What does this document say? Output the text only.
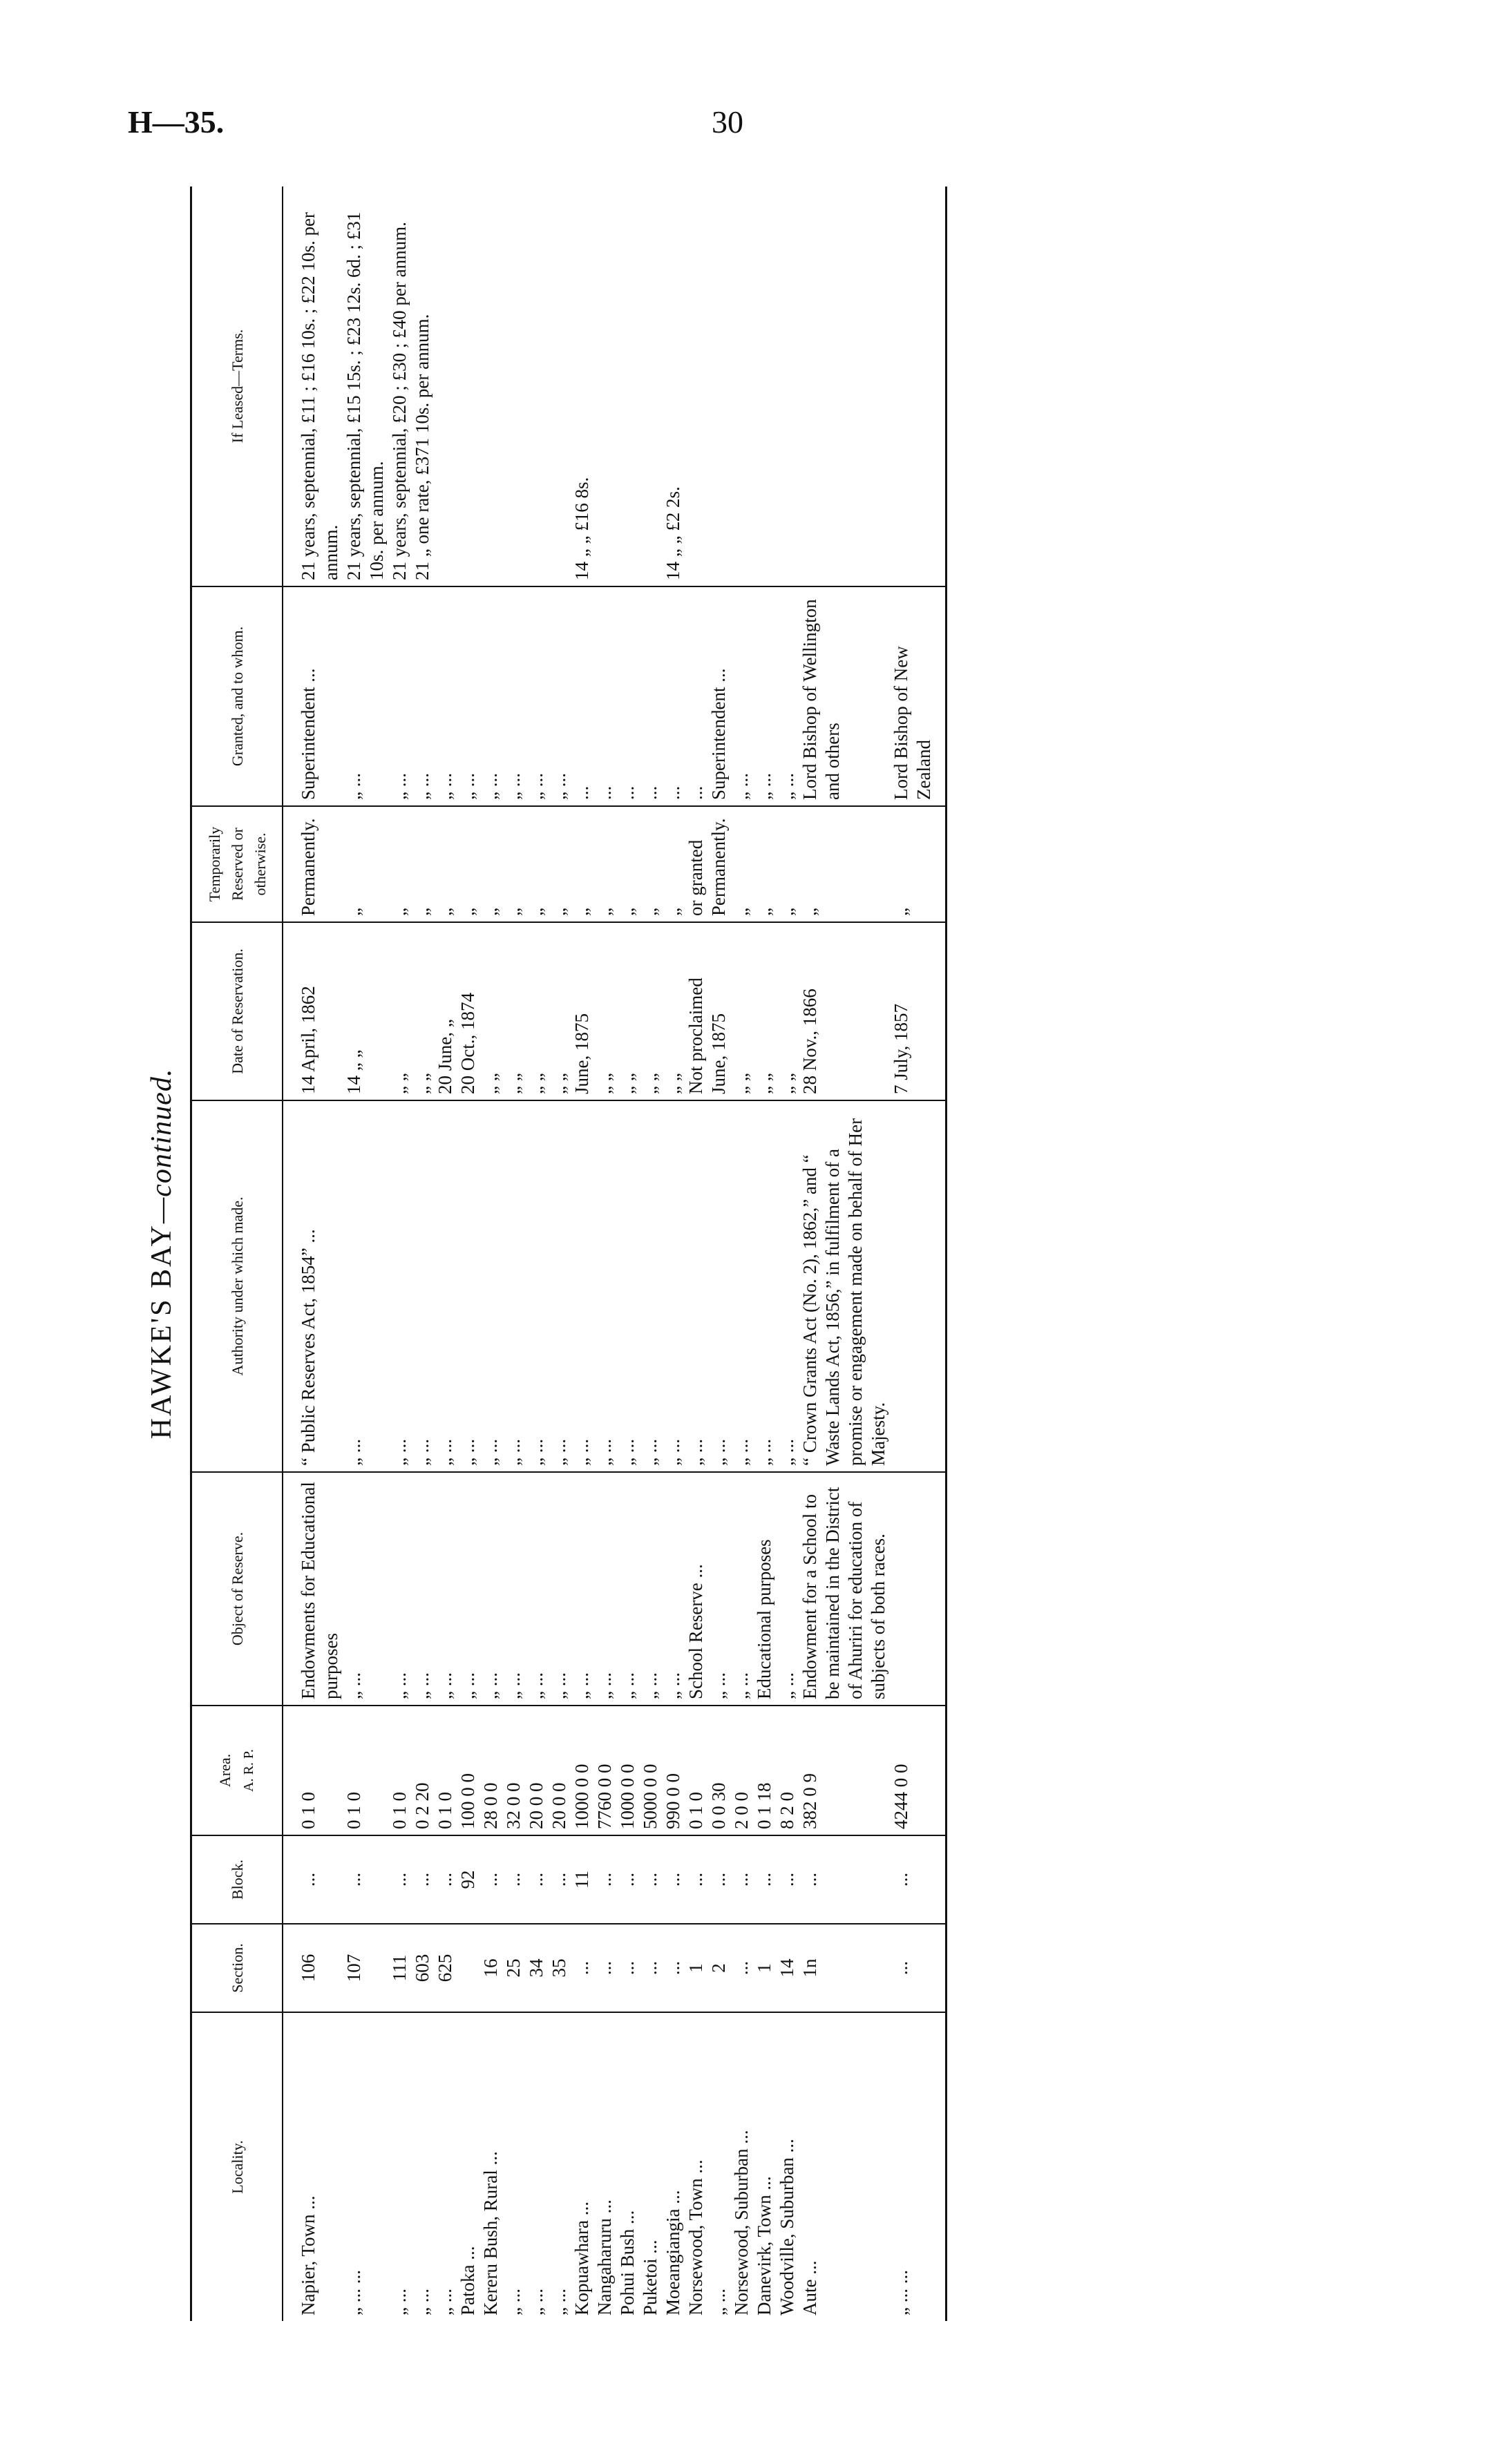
H—35.	30
HAWKE'S BAY—continued.
Locality.	Section.	Block.	Area. A. R. P.	Object of Reserve.	Authority under which made.	Date of Reservation.	Temporarily Reserved or otherwise.	Granted, and to whom.	If Leased—Terms.
Napier, Town ...	106	...	0 1 0	Endowments for Educational purposes	“ Public Reserves Act, 1854” ...	14 April, 1862	Permanently.	Superintendent ...	21 years, septennial, £11 ; £16 10s. ; £22 10s. per annum.
„ ... ...	107	...	0 1 0	„ ...	„ ...	14 „ „	„	„ ...	21 years, septennial, £15 15s. ; £23 12s. 6d. ; £31 10s. per annum.
„ ...	111	...	0 1 0	„ ...	„ ...	„ „	„	„ ...	21 years, septennial, £20 ; £30 ; £40 per annum.
„ ...	603	...	0 2 20	„ ...	„ ...	„ „	„	„ ...	21 „ one rate, £371 10s. per annum.
„ ...	625	...	0 1 0	„ ...	„ ...	20 June, „	„	„ ...	
Patoka ...		92	100 0 0	„ ...	„ ...	20 Oct., 1874	„	„ ...	
Kereru Bush, Rural ...	16	...	28 0 0	„ ...	„ ...	„ „	„	„ ...	
„ ...	25	...	32 0 0	„ ...	„ ...	„ „	„	„ ...	
„ ...	34	...	20 0 0	„ ...	„ ...	„ „	„	„ ...	
„ ...	35	...	20 0 0	„ ...	„ ...	„ „	„	„ ...	
Kopuawhara ...	...	11	1000 0 0	„ ...	„ ...	June, 1875	„	...	14 „ „ £16 8s.
Nangaharuru ...	...	...	7760 0 0	„ ...	„ ...	„ „	„	...	
Pohui Bush ...	...	...	1000 0 0	„ ...	„ ...	„ „	„	...	
Puketoi ...	...	...	5000 0 0	„ ...	„ ...	„ „	„	...	
Moeangiangia ...	...	...	990 0 0	„ ...	„ ...	„ „	„	...	14 „ „ £2 2s.
Norsewood, Town ...	1	...	0 1 0	School Reserve ...	„ ...	Not proclaimed	or granted	...	
„ ...	2	...	0 0 30	„ ...	„ ...	June, 1875	Permanently.	Superintendent ...	
Norsewood, Suburban ...	...	...	2 0 0	„ ...	„ ...	„ „	„	„ ...	
Danevirk, Town ...	1	...	0 1 18	Educational purposes	„ ...	„ „	„	„ ...	
Woodville, Suburban ...	14	...	8 2 0	„ ...	„ ...	„ „	„	„ ...	
Aute ...	1n	...	382 0 9	Endowment for a School to be maintained in the District of Ahuriri for education of subjects of both races.	“ Crown Grants Act (No. 2), 1862,” and “ Waste Lands Act, 1856,” in fulfilment of a promise or engagement made on behalf of Her Majesty.	28 Nov., 1866	„	Lord Bishop of Wellington and others	
„ ... ...	...	...	4244 0 0			7 July, 1857	„	Lord Bishop of New Zealand	
